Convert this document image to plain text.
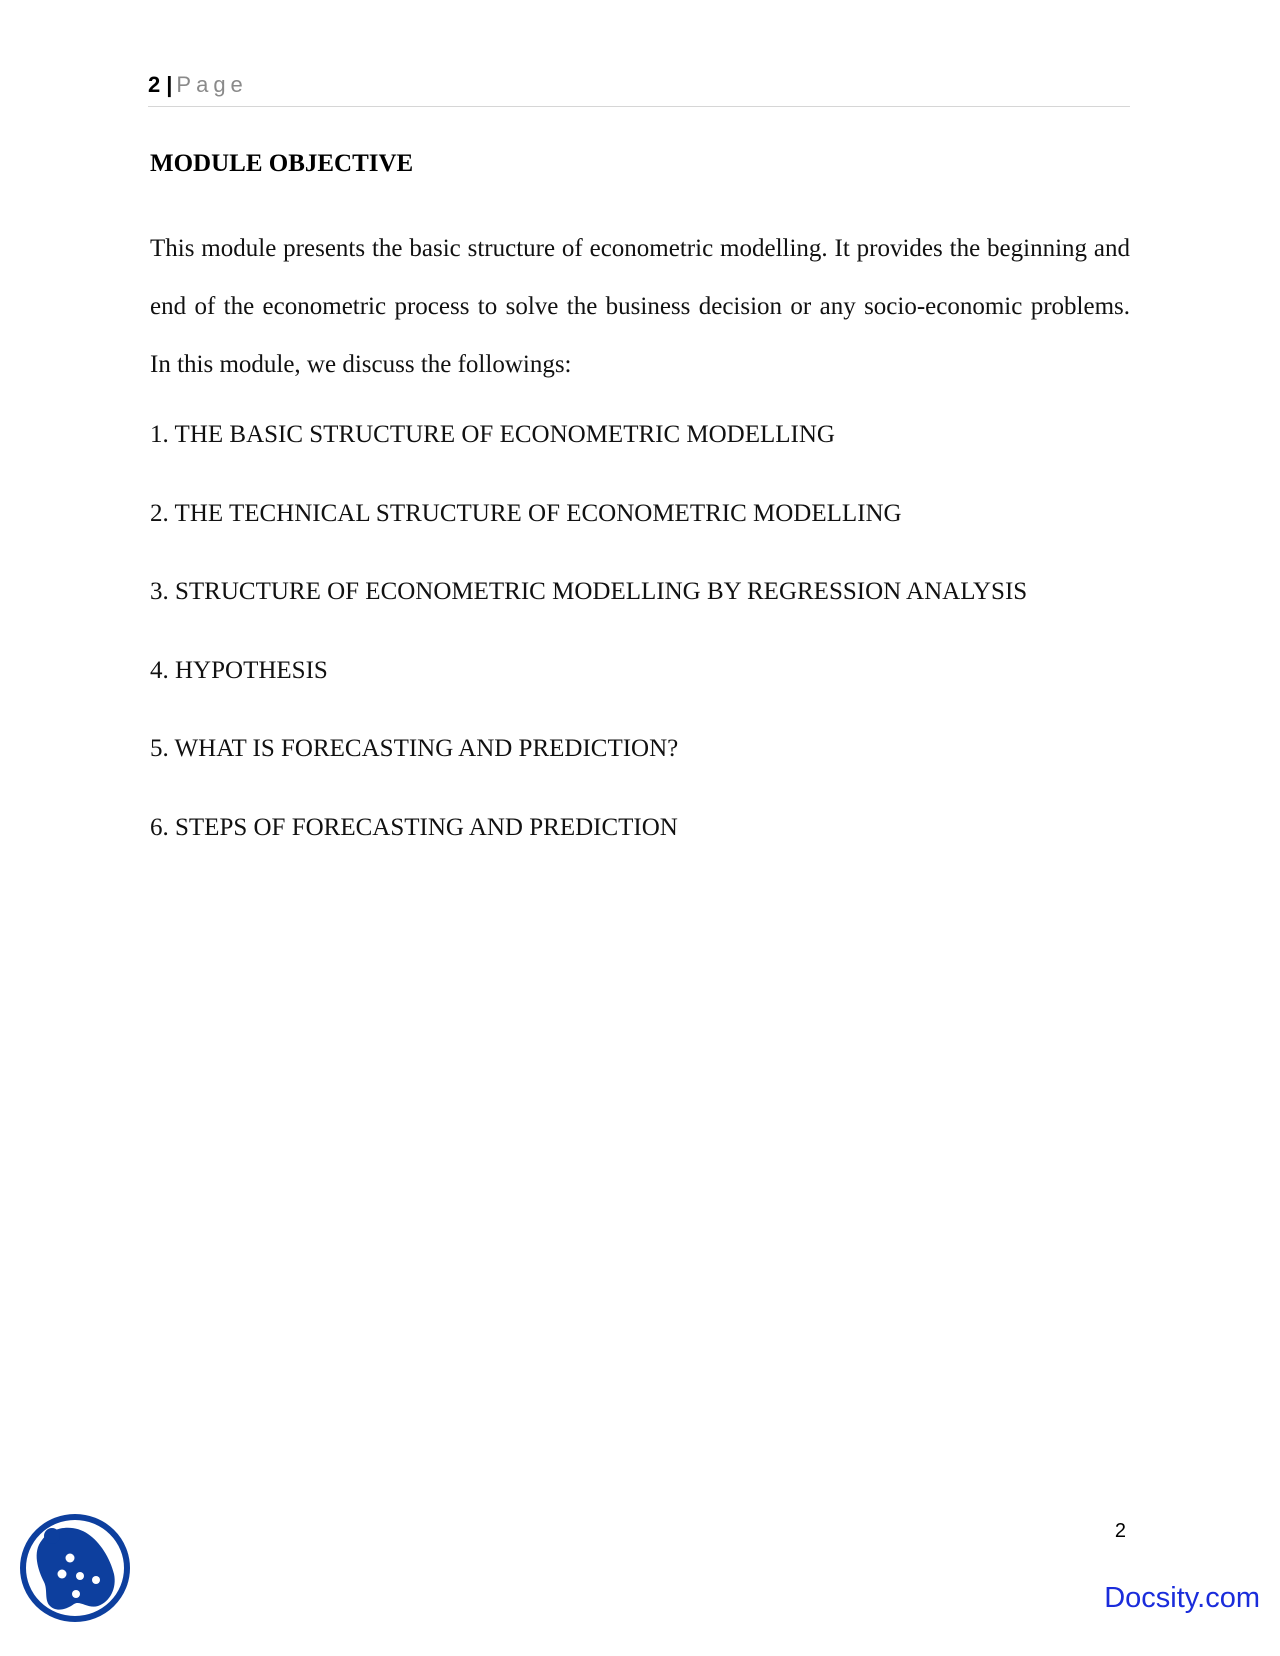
2 | Page
MODULE OBJECTIVE

This module presents the basic structure of econometric modelling. It provides the beginning and
end of the econometric process to solve the business decision or any socio-economic problems.
In this module, we discuss the followings:

1. THE BASIC STRUCTURE OF ECONOMETRIC MODELLING
2. THE TECHNICAL STRUCTURE OF ECONOMETRIC MODELLING
3. STRUCTURE OF ECONOMETRIC MODELLING BY REGRESSION ANALYSIS
4. HYPOTHESIS
5. WHAT IS FORECASTING AND PREDICTION?
6. STEPS OF FORECASTING AND PREDICTION
2
Docsity.com
